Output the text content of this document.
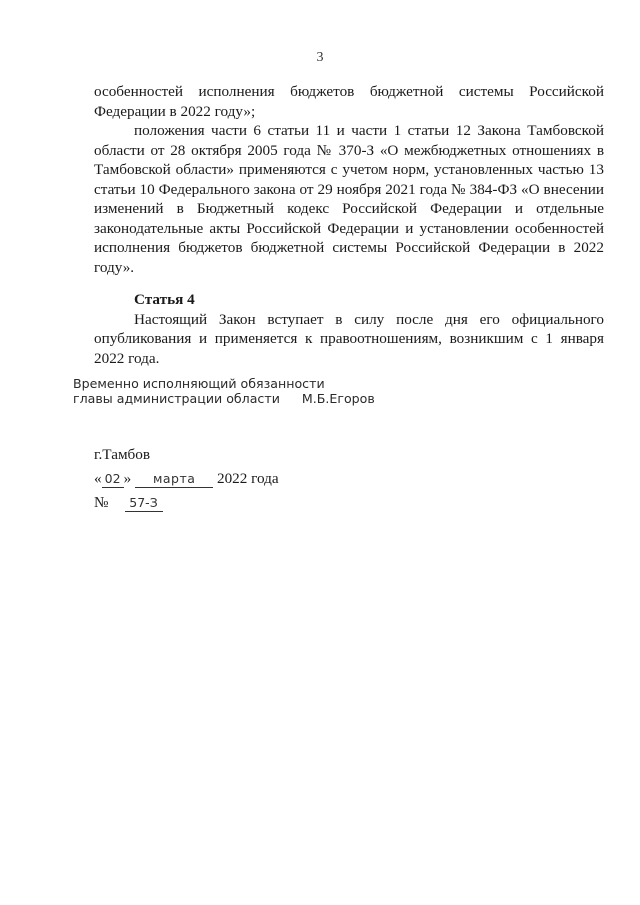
3

особенностей исполнения бюджетов бюджетной системы Российской Федерации в 2022 году»;

положения части 6 статьи 11 и части 1 статьи 12 Закона Тамбовской области от 28 октября 2005 года № 370-З «О межбюджетных отношениях в Тамбовской области» применяются с учетом норм, установленных частью 13 статьи 10 Федерального закона от 29 ноября 2021 года № 384-ФЗ «О внесении изменений в Бюджетный кодекс Российской Федерации и отдельные законодательные акты Российской Федерации и установлении особенностей исполнения бюджетов бюджетной системы Российской Федерации в 2022 году».

Статья 4

Настоящий Закон вступает в силу после дня его официального опубликования и применяется к правоотношениям, возникшим с 1 января 2022 года.

Временно исполняющий обязанности
главы администрации области М.Б.Егоров
г.Тамбов
« 02 » марта 2022 года
№ 57-З
